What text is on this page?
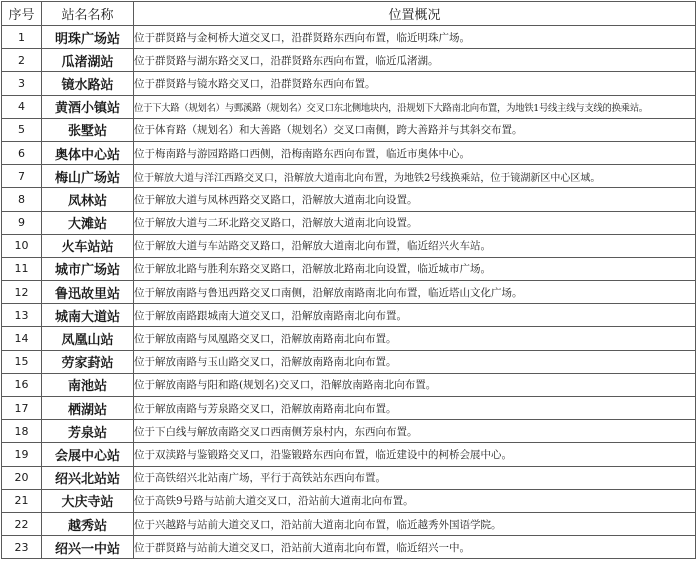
序号	站名名称	位置概况
1	明珠广场站	位于群贤路与金柯桥大道交叉口，沿群贤路东西向布置，临近明珠广场。
2	瓜渚湖站	位于群贤路与湖东路交叉口，沿群贤路东西向布置，临近瓜渚湖。
3	镜水路站	位于群贤路与镜水路交叉口，沿群贤路东西向布置。
4	黄酒小镇站	位于下大路（规划名）与鄄溪路（规划名）交叉口东北侧地块内，沿规划下大路南北向布置，为地铁1号线主线与支线的换乘站。
5	张墅站	位于体育路（规划名）和大善路（规划名）交叉口南侧，跨大善路并与其斜交布置。
6	奥体中心站	位于梅南路与游园路路口西侧，沿梅南路东西向布置，临近市奥体中心。
7	梅山广场站	位于解放大道与洋江西路交叉口，沿解放大道南北向布置，为地铁2号线换乘站，位于镜湖新区中心区域。
8	凤林站	位于解放大道与凤林西路交叉路口，沿解放大道南北向设置。
9	大滩站	位于解放大道与二环北路交叉路口，沿解放大道南北向设置。
10	火车站站	位于解放大道与车站路交叉路口，沿解放大道南北向布置，临近绍兴火车站。
11	城市广场站	位于解放北路与胜利东路交叉路口，沿解放北路南北向设置，临近城市广场。
12	鲁迅故里站	位于解放南路与鲁迅西路交叉口南侧，沿解放南路南北向布置，临近塔山文化广场。
13	城南大道站	位于解放南路跟城南大道交叉口，沿解放南路南北向布置。
14	凤凰山站	位于解放南路与凤凰路交叉口，沿解放南路南北向布置。
15	劳家葑站	位于解放南路与玉山路交叉口，沿解放南路南北向布置。
16	南池站	位于解放南路与阳和路(规划名)交叉口，沿解放南路南北向布置。
17	栖湖站	位于解放南路与芳泉路交叉口，沿解放南路南北向布置。
18	芳泉站	位于下白线与解放南路交叉口西南侧芳泉村内，东西向布置。
19	会展中心站	位于双渎路与鉴锻路交叉口，沿鉴锻路东西向布置，临近建设中的柯桥会展中心。
20	绍兴北站站	位于高铁绍兴北站南广场，平行于高铁站东西向布置。
21	大庆寺站	位于高铁9号路与站前大道交叉口，沿站前大道南北向布置。
22	越秀站	位于兴越路与站前大道交叉口，沿站前大道南北向布置，临近越秀外国语学院。
23	绍兴一中站	位于群贤路与站前大道交叉口，沿站前大道南北向布置，临近绍兴一中。
